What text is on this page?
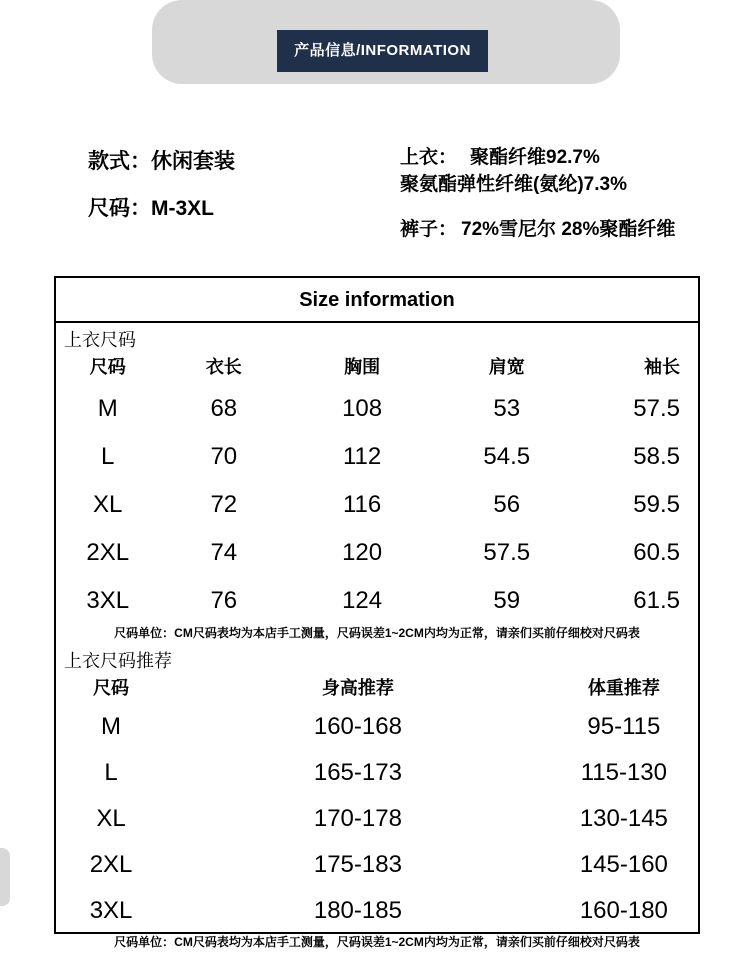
产品信息/INFORMATION

款式：休闲套装

尺码：M-3XL

上衣： 聚酯纤维92.7%

聚氨酯弹性纤维(氨纶)7.3%

裤子： 72%雪尼尔 28%聚酯纤维

Size information
上衣尺码
尺码	衣长	胸围	肩宽	袖长
M	68	108	53	57.5
L	70	112	54.5	58.5
XL	72	116	56	59.5
2XL	74	120	57.5	60.5
3XL	76	124	59	61.5
尺码单位：CM尺码表均为本店手工测量，尺码误差1~2CM内均为正常，请亲们买前仔细校对尺码表
上衣尺码推荐
尺码	身高推荐	体重推荐
M	160-168	95-115
L	165-173	115-130
XL	170-178	130-145
2XL	175-183	145-160
3XL	180-185	160-180
尺码单位：CM尺码表均为本店手工测量，尺码误差1~2CM内均为正常，请亲们买前仔细校对尺码表
